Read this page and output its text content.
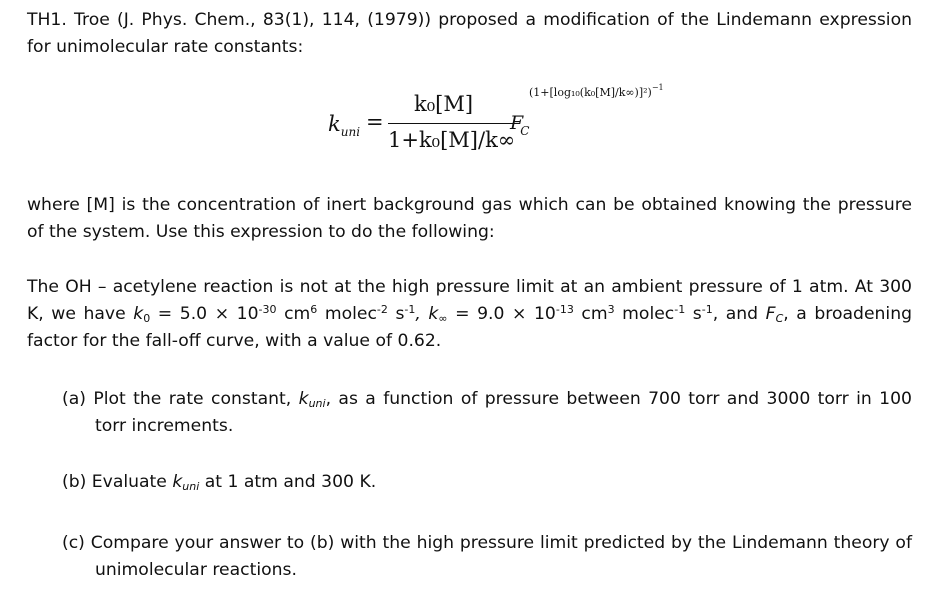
TH1. Troe (J. Phys. Chem., 83(1), 114, (1979)) proposed a modification of the Lindemann expression for unimolecular rate constants:
$k_{uni}$ =
k₀[M]
1+k₀[M]/k∞
$F_C$
$(1+[\log_{10}(k_0[M]/k\infty)]^2)^{-1}$
where [M] is the concentration of inert background gas which can be obtained knowing the pressure of the system. Use this expression to do the following:
The OH – acetylene reaction is not at the high pressure limit at an ambient pressure of 1 atm. At 300 K, we have $k_0 = 5.0 \times 10^{-30}$ $cm^6$ molec$^{-2}$ $s^{-1}$, $k_\infty = 9.0 \times 10^{-13}$ $cm^3$ molec$^{-1}$ $s^{-1}$, and $F_C$, a broadening factor for the fall-off curve, with a value of 0.62.
(a) Plot the rate constant, $k_{uni}$, as a function of pressure between 700 torr and 3000 torr in 100 torr increments.
(b) Evaluate $k_{uni}$ at 1 atm and 300 K.
(c) Compare your answer to (b) with the high pressure limit predicted by the Lindemann theory of unimolecular reactions.
